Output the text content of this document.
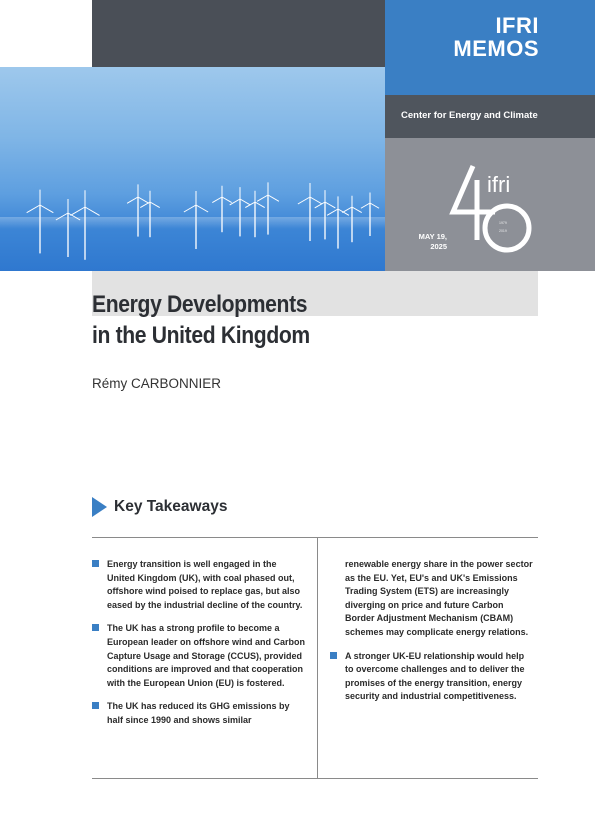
IFRI
MEMOS
Center for Energy and Climate
MAY 19,
2025
ifri
1979
2019
Energy Developments
in the United Kingdom
Rémy CARBONNIER
Key Takeaways
Energy transition is well engaged in the United Kingdom (UK), with coal phased out, offshore wind poised to replace gas, but also eased by the industrial decline of the country.
The UK has a strong profile to become a European leader on offshore wind and Carbon Capture Usage and Storage (CCUS), provided conditions are improved and that cooperation with the European Union (EU) is fostered.
The UK has reduced its GHG emissions by half since 1990 and shows similar
renewable energy share in the power sector as the EU. Yet, EU's and UK's Emissions Trading System (ETS) are increasingly diverging on price and future Carbon Border Adjustment Mechanism (CBAM) schemes may complicate energy relations.
A stronger UK-EU relationship would help to overcome challenges and to deliver the promises of the energy transition, energy security and industrial competitiveness.
